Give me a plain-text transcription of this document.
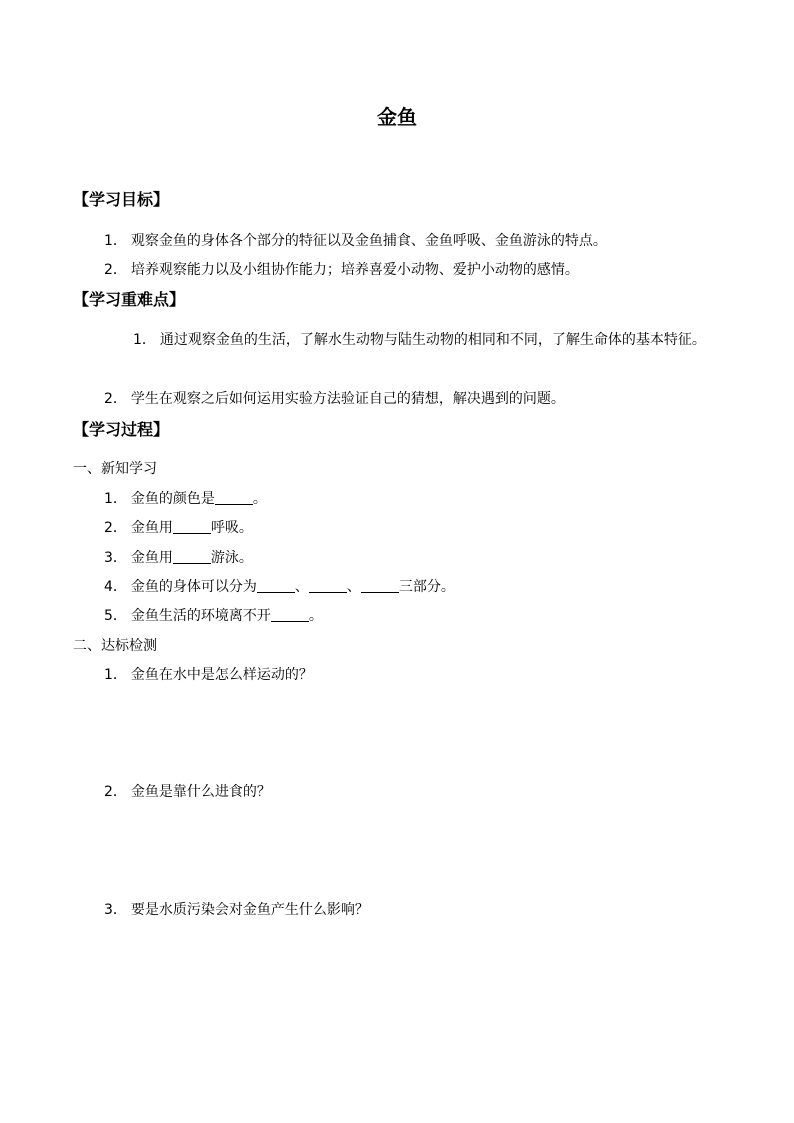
金鱼
【学习目标】
1． 观察金鱼的身体各个部分的特征以及金鱼捕食、金鱼呼吸、金鱼游泳的特点。
2． 培养观察能力以及小组协作能力；培养喜爱小动物、爱护小动物的感情。
【学习重难点】
1． 通过观察金鱼的生活，了解水生动物与陆生动物的相同和不同，了解生命体的基本特征。
2． 学生在观察之后如何运用实验方法验证自己的猜想，解决遇到的问题。
【学习过程】
一、新知学习
1． 金鱼的颜色是	。
2． 金鱼用	呼吸。
3． 金鱼用	游泳。
4． 金鱼的身体可以分为	、	、	三部分。
5． 金鱼生活的环境离不开	。
二、达标检测
1． 金鱼在水中是怎么样运动的？
2． 金鱼是靠什么进食的？
3． 要是水质污染会对金鱼产生什么影响？
